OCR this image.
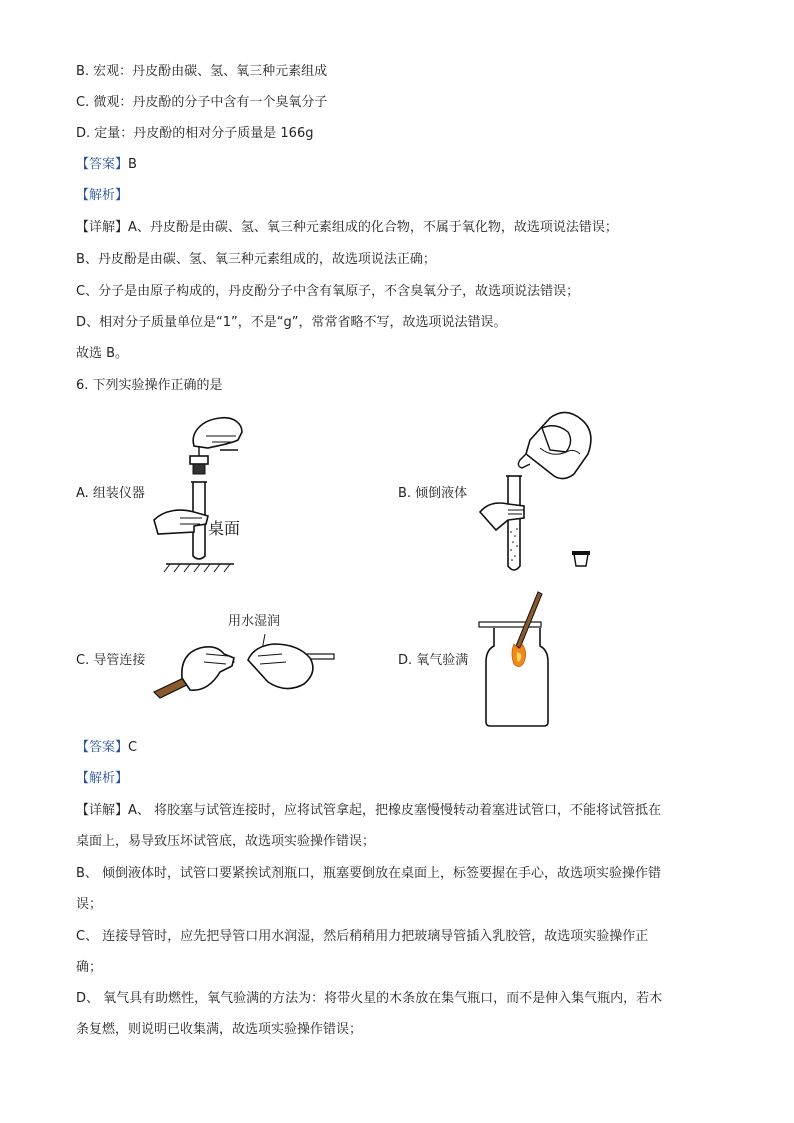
B. 宏观：丹皮酚由碳、氢、氧三种元素组成
C. 微观：丹皮酚的分子中含有一个臭氧分子
D. 定量：丹皮酚的相对分子质量是 166g
【答案】B
【解析】
【详解】A、丹皮酚是由碳、氢、氧三种元素组成的化合物，不属于氧化物，故选项说法错误；
B、丹皮酚是由碳、氢、氧三种元素组成的，故选项说法正确；
C、分子是由原子构成的，丹皮酚分子中含有氧原子，不含臭氧分子，故选项说法错误；
D、相对分子质量单位是“1”，不是“g”，常常省略不写，故选项说法错误。
故选 B。
6. 下列实验操作正确的是
A. 组装仪器
桌面
B. 倾倒液体
C. 导管连接
用水湿润
D. 氧气验满
【答案】C
【解析】
【详解】A、 将胶塞与试管连接时，应将试管拿起，把橡皮塞慢慢转动着塞进试管口，不能将试管抵在
桌面上，易导致压坏试管底，故选项实验操作错误；
B、 倾倒液体时，试管口要紧挨试剂瓶口，瓶塞要倒放在桌面上，标签要握在手心，故选项实验操作错
误；
C、 连接导管时，应先把导管口用水润湿，然后稍稍用力把玻璃导管插入乳胶管，故选项实验操作正
确；
D、 氧气具有助燃性，氧气验满的方法为：将带火星的木条放在集气瓶口，而不是伸入集气瓶内，若木
条复燃，则说明已收集满，故选项实验操作错误；
